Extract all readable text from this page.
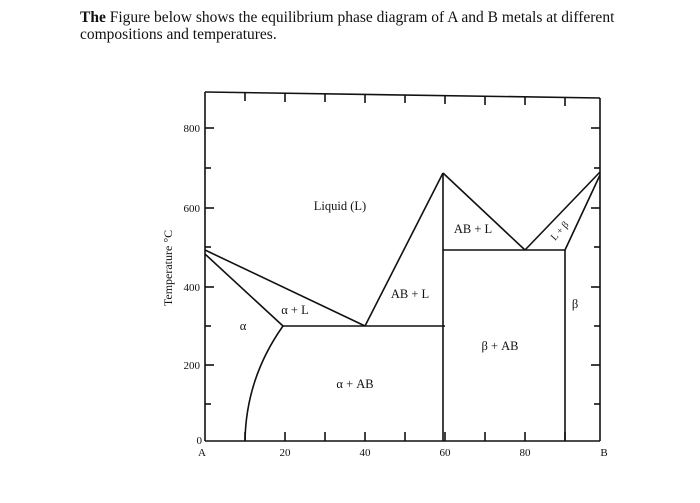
The Figure below shows the equilibrium phase diagram of A and B metals at different compositions and temperatures.
800
600
400
200
0
A	20	40	60	80	B
Temperature °C
Liquid (L)
α
α + L
AB + L
AB + L
β
β + AB
α + AB
L + β
